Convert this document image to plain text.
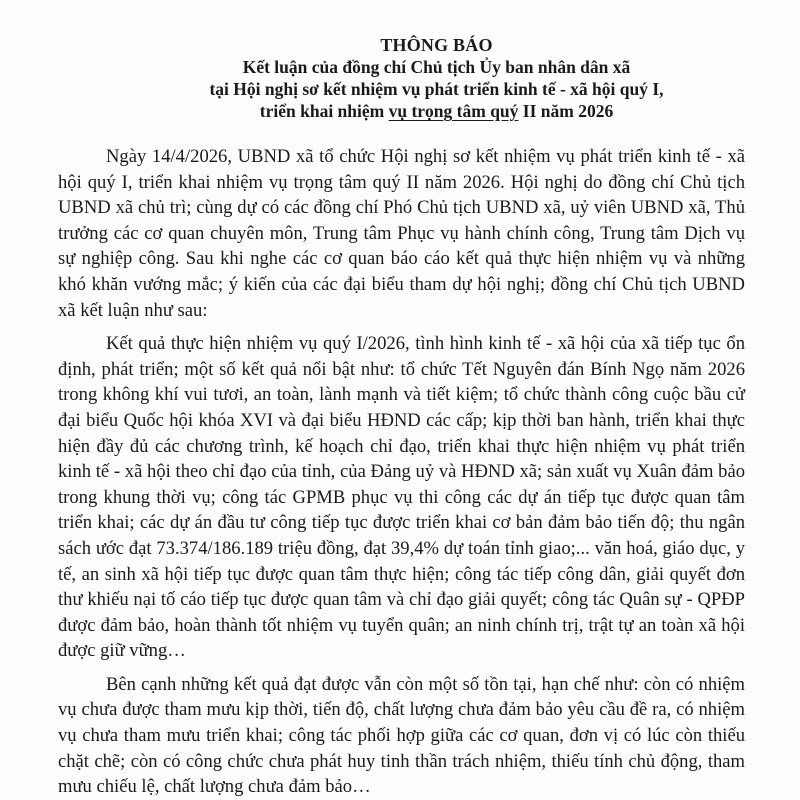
THÔNG BÁO
Kết luận của đồng chí Chủ tịch Ủy ban nhân dân xã
tại Hội nghị sơ kết nhiệm vụ phát triển kinh tế - xã hội quý I,
triển khai nhiệm vụ trọng tâm quý II năm 2026

Ngày 14/4/2026, UBND xã tổ chức Hội nghị sơ kết nhiệm vụ phát triển kinh tế - xã hội quý I, triển khai nhiệm vụ trọng tâm quý II năm 2026. Hội nghị do đồng chí Chủ tịch UBND xã chủ trì; cùng dự có các đồng chí Phó Chủ tịch UBND xã, uỷ viên UBND xã, Thủ trưởng các cơ quan chuyên môn, Trung tâm Phục vụ hành chính công, Trung tâm Dịch vụ sự nghiệp công. Sau khi nghe các cơ quan báo cáo kết quả thực hiện nhiệm vụ và những khó khăn vướng mắc; ý kiến của các đại biểu tham dự hội nghị; đồng chí Chủ tịch UBND xã kết luận như sau:

Kết quả thực hiện nhiệm vụ quý I/2026, tình hình kinh tế - xã hội của xã tiếp tục ổn định, phát triển; một số kết quả nổi bật như: tổ chức Tết Nguyên đán Bính Ngọ năm 2026 trong không khí vui tươi, an toàn, lành mạnh và tiết kiệm; tổ chức thành công cuộc bầu cử đại biểu Quốc hội khóa XVI và đại biểu HĐND các cấp; kịp thời ban hành, triển khai thực hiện đầy đủ các chương trình, kế hoạch chỉ đạo, triển khai thực hiện nhiệm vụ phát triển kinh tế - xã hội theo chỉ đạo của tỉnh, của Đảng uỷ và HĐND xã; sản xuất vụ Xuân đảm bảo trong khung thời vụ; công tác GPMB phục vụ thi công các dự án tiếp tục được quan tâm triển khai; các dự án đầu tư công tiếp tục được triển khai cơ bản đảm bảo tiến độ; thu ngân sách ước đạt 73.374/186.189 triệu đồng, đạt 39,4% dự toán tỉnh giao;... văn hoá, giáo dục, y tế, an sinh xã hội tiếp tục được quan tâm thực hiện; công tác tiếp công dân, giải quyết đơn thư khiếu nại tố cáo tiếp tục được quan tâm và chỉ đạo giải quyết; công tác Quân sự - QPĐP được đảm bảo, hoàn thành tốt nhiệm vụ tuyển quân; an ninh chính trị, trật tự an toàn xã hội được giữ vững…

Bên cạnh những kết quả đạt được vẫn còn một số tồn tại, hạn chế như: còn có nhiệm vụ chưa được tham mưu kịp thời, tiến độ, chất lượng chưa đảm bảo yêu cầu đề ra, có nhiệm vụ chưa tham mưu triển khai; công tác phối hợp giữa các cơ quan, đơn vị có lúc còn thiếu chặt chẽ; còn có công chức chưa phát huy tinh thần trách nhiệm, thiếu tính chủ động, tham mưu chiếu lệ, chất lượng chưa đảm bảo…
